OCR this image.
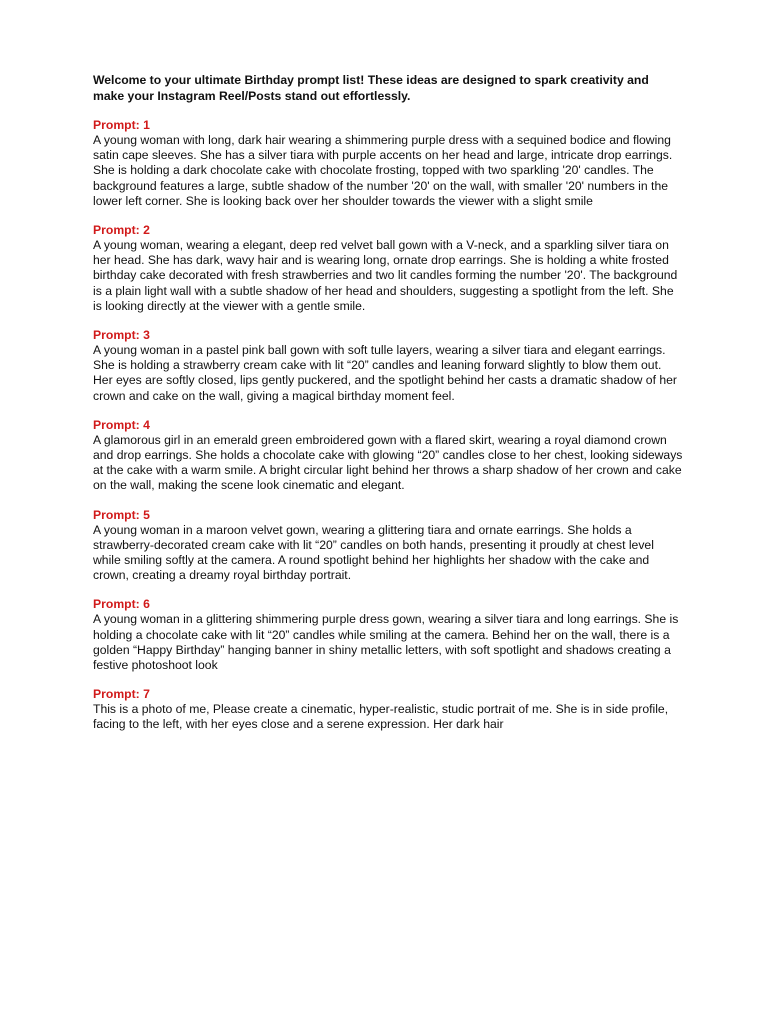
Welcome to your ultimate Birthday prompt list! These ideas are designed to spark creativity and make your Instagram Reel/Posts stand out effortlessly.

Prompt: 1

A young woman with long, dark hair wearing a shimmering purple dress with a sequined bodice and flowing satin cape sleeves. She has a silver tiara with purple accents on her head and large, intricate drop earrings. She is holding a dark chocolate cake with chocolate frosting, topped with two sparkling '20' candles. The background features a large, subtle shadow of the number '20' on the wall, with smaller '20' numbers in the lower left corner. She is looking back over her shoulder towards the viewer with a slight smile

Prompt: 2

A young woman, wearing a elegant, deep red velvet ball gown with a V-neck, and a sparkling silver tiara on her head. She has dark, wavy hair and is wearing long, ornate drop earrings. She is holding a white frosted birthday cake decorated with fresh strawberries and two lit candles forming the number '20'. The background is a plain light wall with a subtle shadow of her head and shoulders, suggesting a spotlight from the left. She is looking directly at the viewer with a gentle smile.

Prompt: 3

A young woman in a pastel pink ball gown with soft tulle layers, wearing a silver tiara and elegant earrings. She is holding a strawberry cream cake with lit “20” candles and leaning forward slightly to blow them out. Her eyes are softly closed, lips gently puckered, and the spotlight behind her casts a dramatic shadow of her crown and cake on the wall, giving a magical birthday moment feel.

Prompt: 4

A glamorous girl in an emerald green embroidered gown with a flared skirt, wearing a royal diamond crown and drop earrings. She holds a chocolate cake with glowing “20” candles close to her chest, looking sideways at the cake with a warm smile. A bright circular light behind her throws a sharp shadow of her crown and cake on the wall, making the scene look cinematic and elegant.

Prompt: 5

A young woman in a maroon velvet gown, wearing a glittering tiara and ornate earrings. She holds a strawberry-decorated cream cake with lit “20” candles on both hands, presenting it proudly at chest level while smiling softly at the camera. A round spotlight behind her highlights her shadow with the cake and crown, creating a dreamy royal birthday portrait.

Prompt: 6

A young woman in a glittering shimmering purple dress gown, wearing a silver tiara and long earrings. She is holding a chocolate cake with lit “20” candles while smiling at the camera. Behind her on the wall, there is a golden “Happy Birthday” hanging banner in shiny metallic letters, with soft spotlight and shadows creating a festive photoshoot look

Prompt: 7

This is a photo of me, Please create a cinematic, hyper-realistic, studic portrait of me. She is in side profile, facing to the left, with her eyes close and a serene expression. Her dark hair
